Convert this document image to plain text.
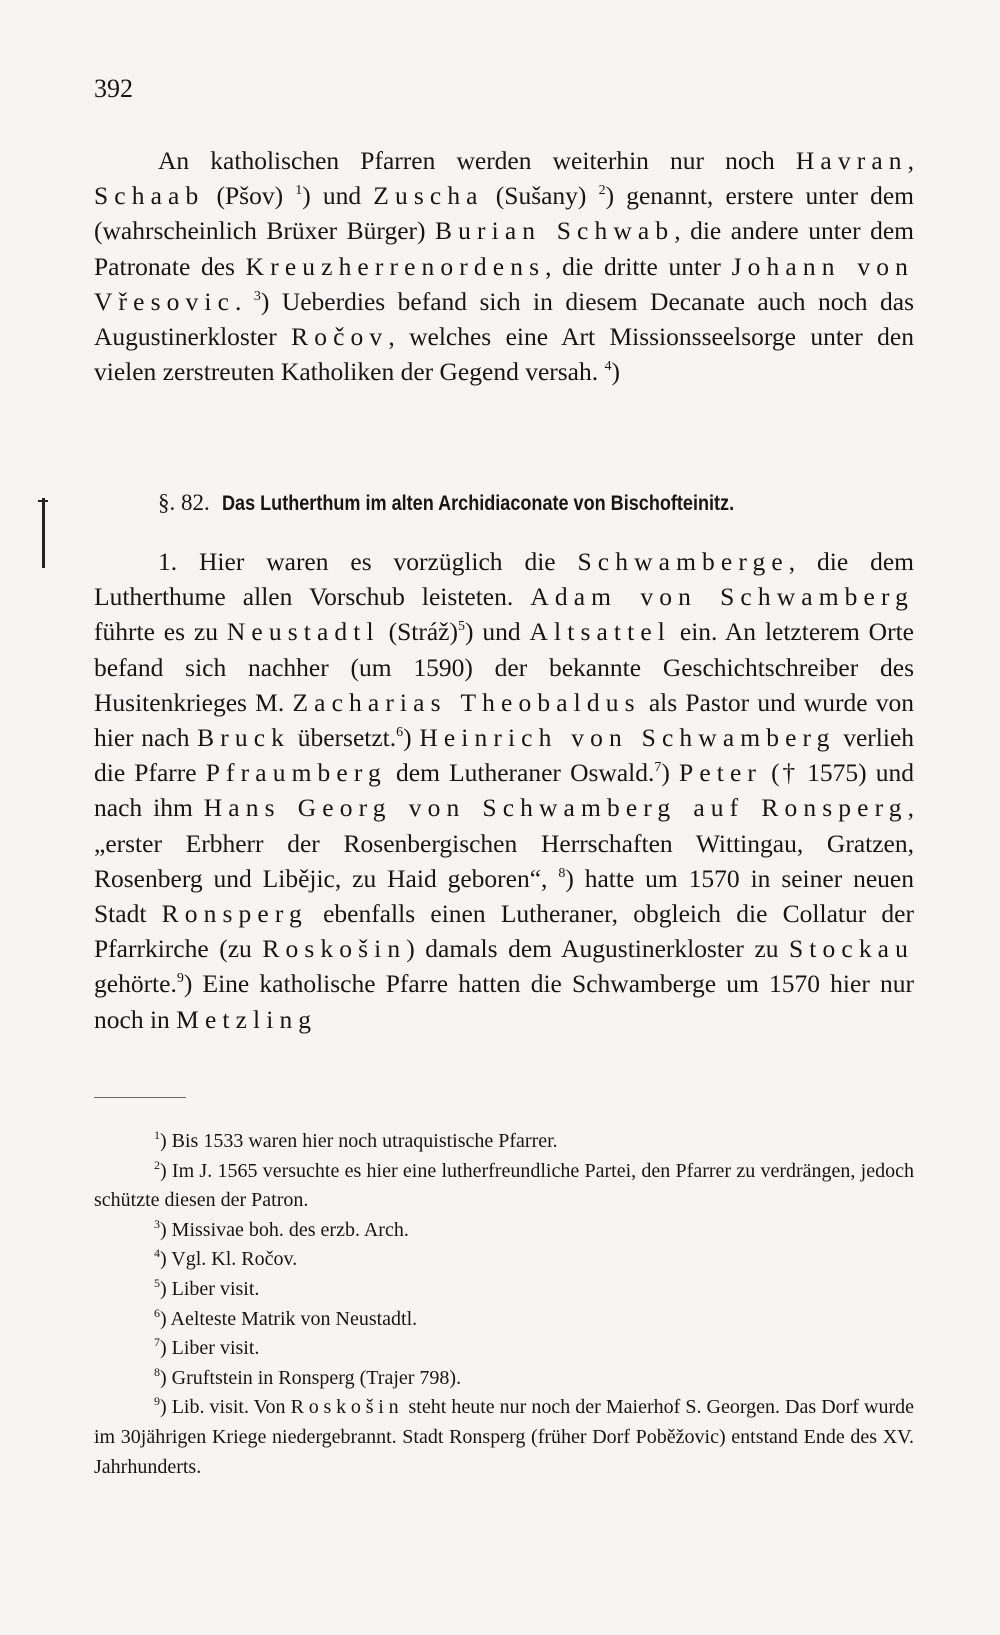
392

An katholischen Pfarren werden weiterhin nur noch Havran, Schaab (Pšov) $^1$) und Zuscha (Sušany) $^2$) genannt, erstere unter dem (wahrscheinlich Brüxer Bürger) Burian Schwab, die andere unter dem Patronate des Kreuzherrenordens, die dritte unter Johann von Vřesovic. $^3$) Ueberdies befand sich in diesem Decanate auch noch das Augustinerkloster Ročov, welches eine Art Missionsseelsorge unter den vielen zerstreuten Katholiken der Gegend versah. $^4$)

§. 82. Das Lutherthum im alten Archidiaconate von Bischofteinitz.

1. Hier waren es vorzüglich die Schwamberge, die dem Lutherthume allen Vorschub leisteten. Adam von Schwamberg führte es zu Neustadtl (Stráž)$^5$) und Altsattel ein. An letzterem Orte befand sich nachher (um 1590) der bekannte Geschichtschreiber des Husitenkrieges M. Zacharias Theobaldus als Pastor und wurde von hier nach Bruck übersetzt.$^6$) Heinrich von Schwamberg verlieh die Pfarre Pfraumberg dem Lutheraner Oswald.$^7$) Peter († 1575) und nach ihm Hans Georg von Schwamberg auf Ronsperg, „erster Erbherr der Rosenbergischen Herrschaften Wittingau, Gratzen, Rosenberg und Libějic, zu Haid geboren“, $^8$) hatte um 1570 in seiner neuen Stadt Ronsperg ebenfalls einen Lutheraner, obgleich die Collatur der Pfarrkirche (zu Roskošin) damals dem Augustinerkloster zu Stockau gehörte.$^9$) Eine katholische Pfarre hatten die Schwamberge um 1570 hier nur noch in Metzling

$^1$) Bis 1533 waren hier noch utraquistische Pfarrer.

$^2$) Im J. 1565 versuchte es hier eine lutherfreundliche Partei, den Pfarrer zu verdrängen, jedoch schützte diesen der Patron.

$^3$) Missivae boh. des erzb. Arch.

$^4$) Vgl. Kl. Ročov.

$^5$) Liber visit.

$^6$) Aelteste Matrik von Neustadtl.

$^7$) Liber visit.

$^8$) Gruftstein in Ronsperg (Trajer 798).

$^9$) Lib. visit. Von Roskošin steht heute nur noch der Maierhof S. Georgen. Das Dorf wurde im 30jährigen Kriege niedergebrannt. Stadt Ronsperg (früher Dorf Poběžovic) entstand Ende des XV. Jahrhunderts.
